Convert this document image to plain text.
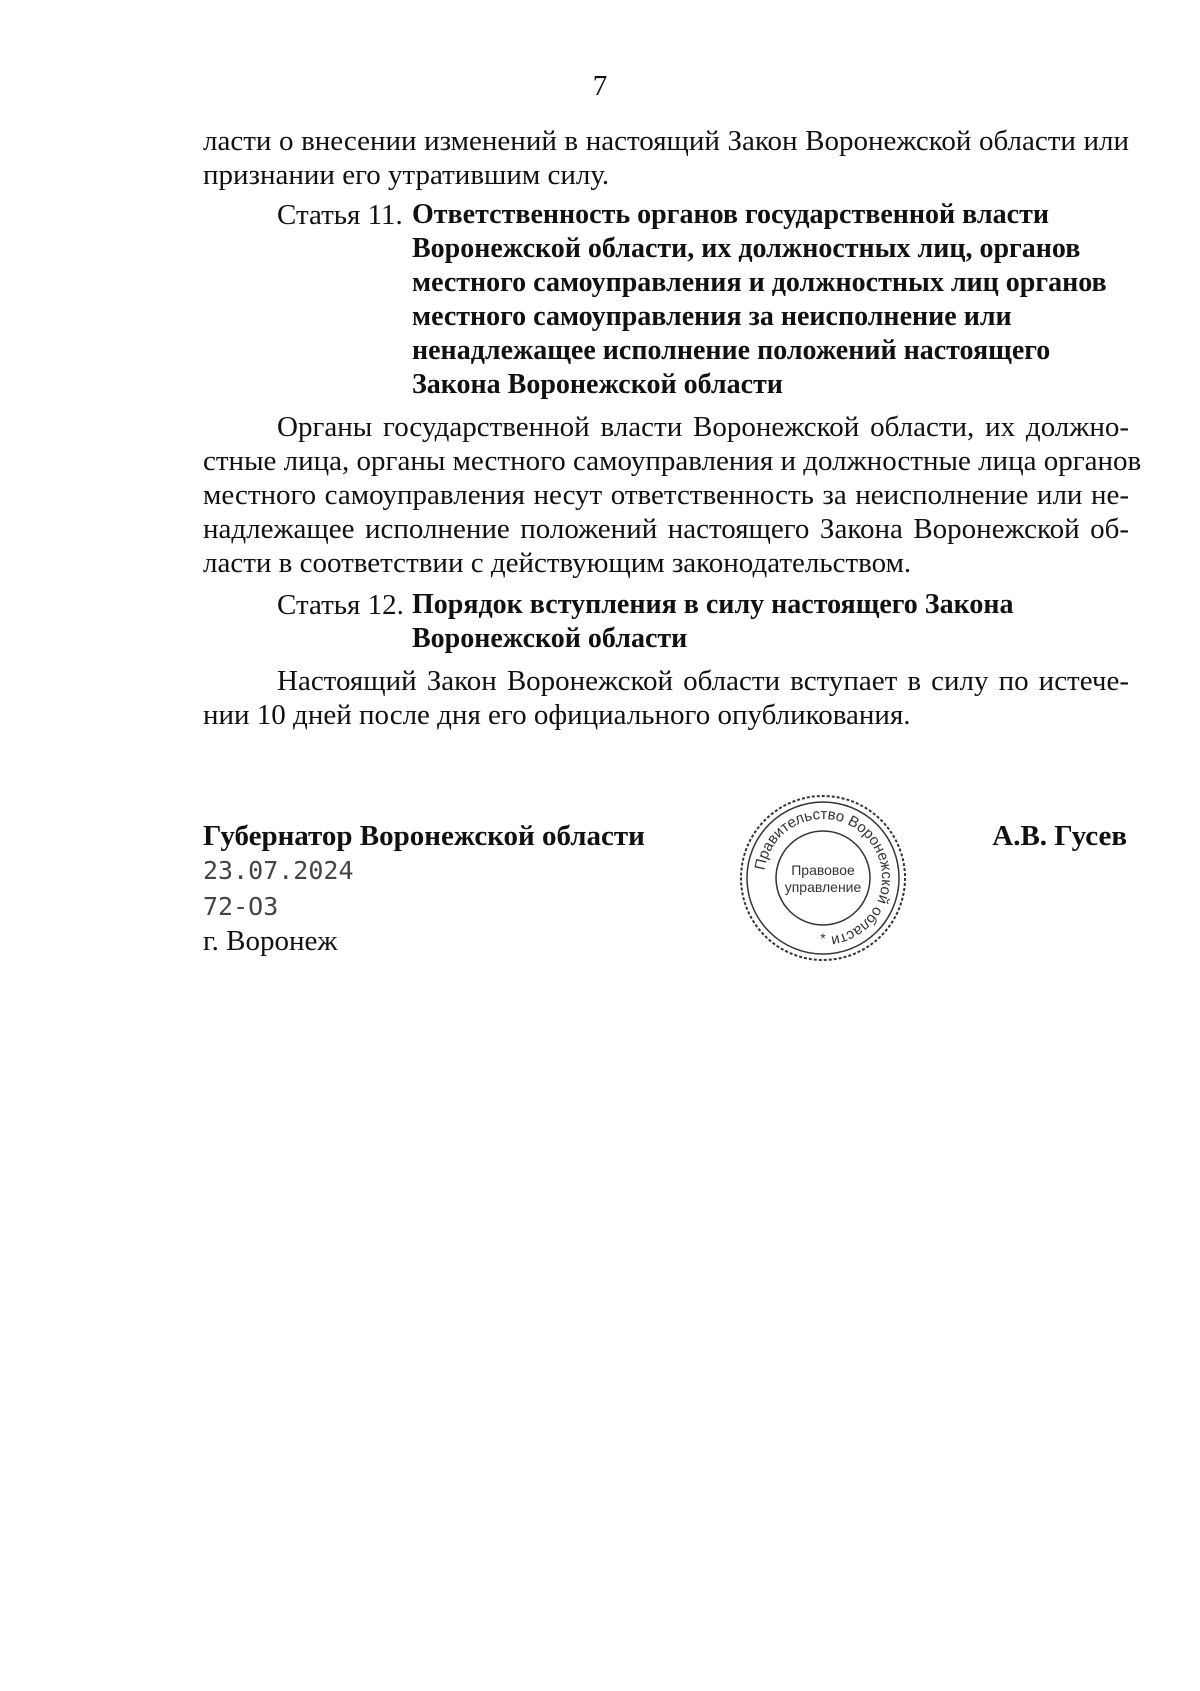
7
ласти о внесении изменений в настоящий Закон Воронежской области или
признании его утратившим силу.
Статья 11. Ответственность органов государственной власти
Воронежской области, их должностных лиц, органов
местного самоуправления и должностных лиц органов
местного самоуправления за неисполнение или
ненадлежащее исполнение положений настоящего
Закона Воронежской области
Органы государственной власти Воронежской области, их должно-
стные лица, органы местного самоуправления и должностные лица органов
местного самоуправления несут ответственность за неисполнение или не-
надлежащее исполнение положений настоящего Закона Воронежской об-
ласти в соответствии с действующим законодательством.
Статья 12. Порядок вступления в силу настоящего Закона
Воронежской области
Настоящий Закон Воронежской области вступает в силу по истече-
нии 10 дней после дня его официального опубликования.
Губернатор Воронежской области	А.В. Гусев
23.07.2024
72-ОЗ
г. Воронеж
Правительство Воронежской области
Правовое
управление
*
